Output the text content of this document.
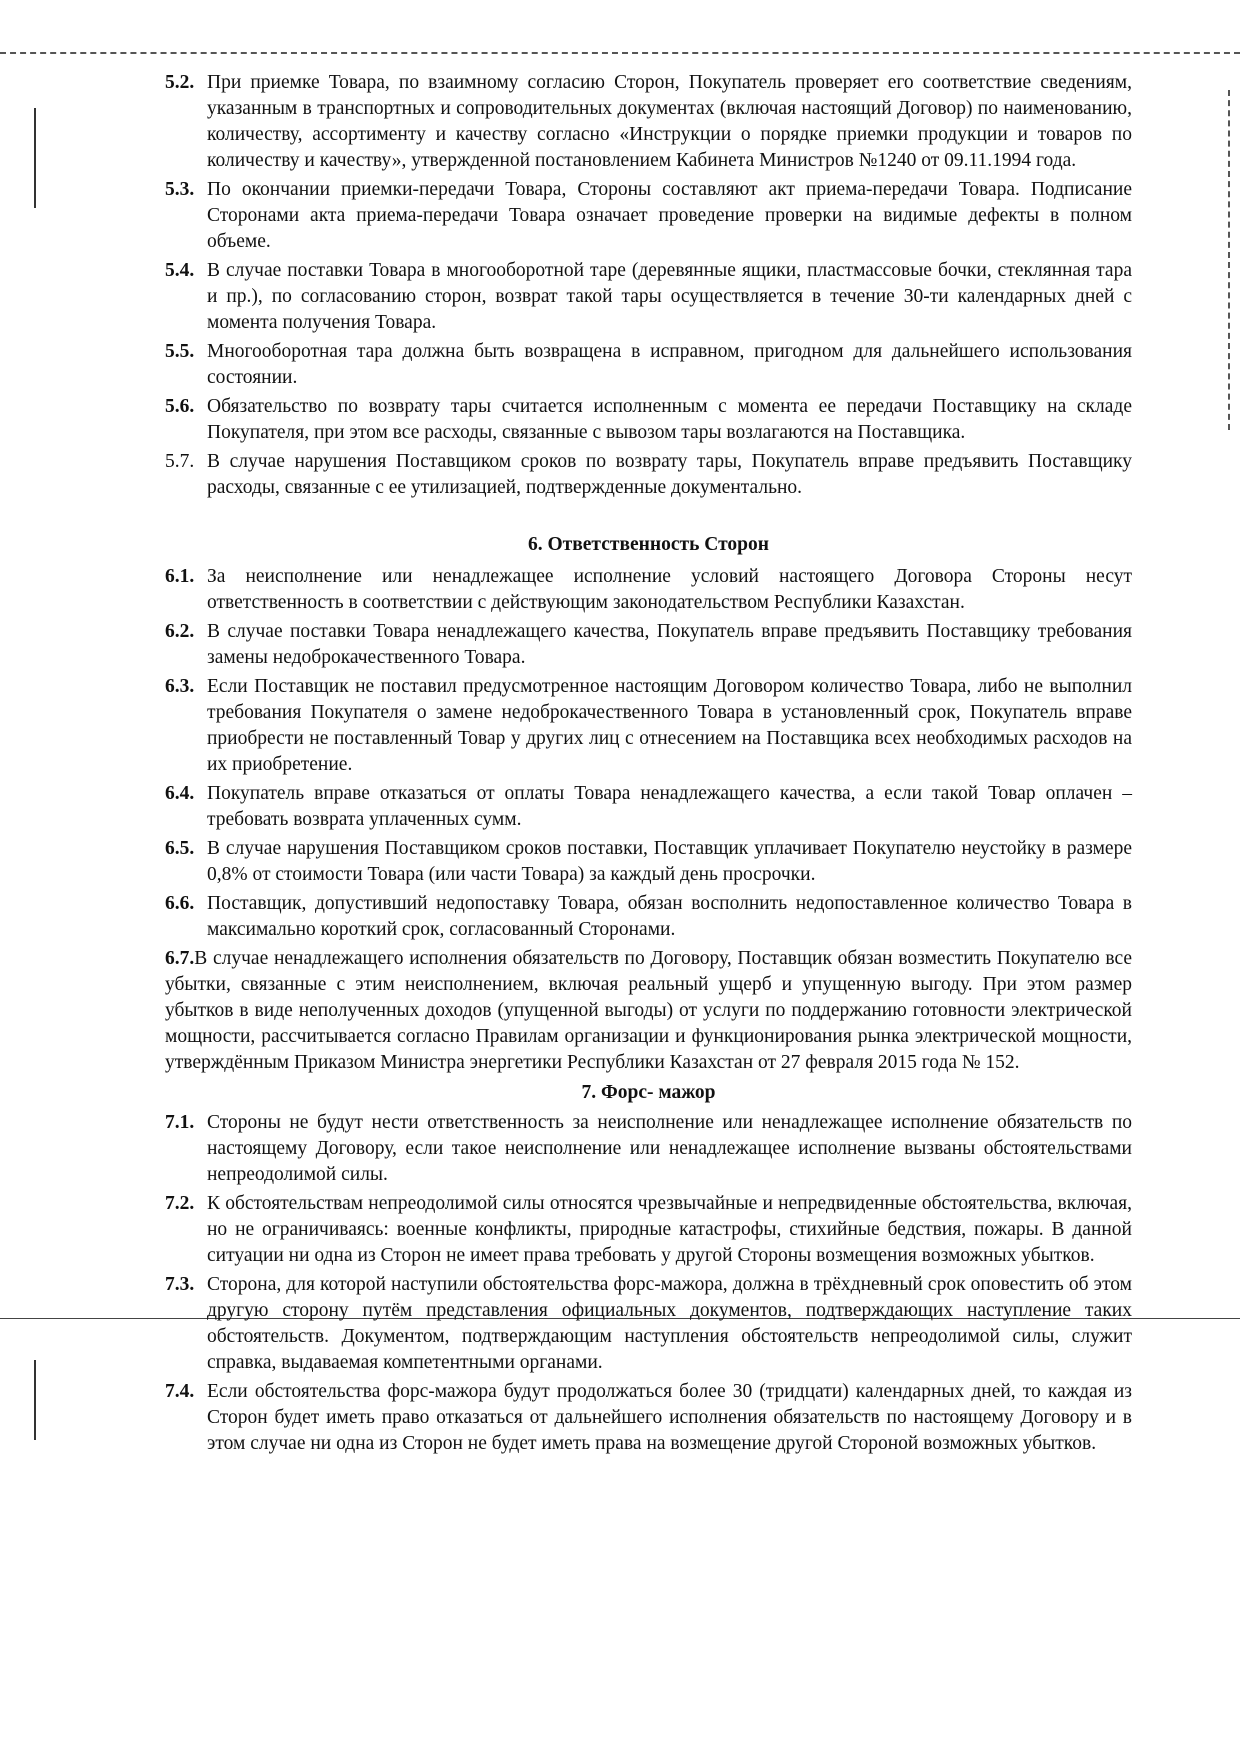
5.2. При приемке Товара, по взаимному согласию Сторон, Покупатель проверяет его соответствие сведениям, указанным в транспортных и сопроводительных документах (включая настоящий Договор) по наименованию, количеству, ассортименту и качеству согласно «Инструкции о порядке приемки продукции и товаров по количеству и качеству», утвержденной постановлением Кабинета Министров №1240 от 09.11.1994 года.
5.3. По окончании приемки-передачи Товара, Стороны составляют акт приема-передачи Товара. Подписание Сторонами акта приема-передачи Товара означает проведение проверки на видимые дефекты в полном объеме.
5.4. В случае поставки Товара в многооборотной таре (деревянные ящики, пластмассовые бочки, стеклянная тара и пр.), по согласованию сторон, возврат такой тары осуществляется в течение 30-ти календарных дней с момента получения Товара.
5.5. Многооборотная тара должна быть возвращена в исправном, пригодном для дальнейшего использования состоянии.
5.6. Обязательство по возврату тары считается исполненным с момента ее передачи Поставщику на складе Покупателя, при этом все расходы, связанные с вывозом тары возлагаются на Поставщика.
5.7. В случае нарушения Поставщиком сроков по возврату тары, Покупатель вправе предъявить Поставщику расходы, связанные с ее утилизацией, подтвержденные документально.
6. Ответственность Сторон
6.1. За неисполнение или ненадлежащее исполнение условий настоящего Договора Стороны несут ответственность в соответствии с действующим законодательством Республики Казахстан.
6.2. В случае поставки Товара ненадлежащего качества, Покупатель вправе предъявить Поставщику требования замены недоброкачественного Товара.
6.3. Если Поставщик не поставил предусмотренное настоящим Договором количество Товара, либо не выполнил требования Покупателя о замене недоброкачественного Товара в установленный срок, Покупатель вправе приобрести не поставленный Товар у других лиц с отнесением на Поставщика всех необходимых расходов на их приобретение.
6.4. Покупатель вправе отказаться от оплаты Товара ненадлежащего качества, а если такой Товар оплачен – требовать возврата уплаченных сумм.
6.5. В случае нарушения Поставщиком сроков поставки, Поставщик уплачивает Покупателю неустойку в размере 0,8% от стоимости Товара (или части Товара) за каждый день просрочки.
6.6. Поставщик, допустивший недопоставку Товара, обязан восполнить недопоставленное количество Товара в максимально короткий срок, согласованный Сторонами.
6.7.В случае ненадлежащего исполнения обязательств по Договору, Поставщик обязан возместить Покупателю все убытки, связанные с этим неисполнением, включая реальный ущерб и упущенную выгоду. При этом размер убытков в виде неполученных доходов (упущенной выгоды) от услуги по поддержанию готовности электрической мощности, рассчитывается согласно Правилам организации и функционирования рынка электрической мощности, утверждённым Приказом Министра энергетики Республики Казахстан от 27 февраля 2015 года № 152.
7. Форс- мажор
7.1. Стороны не будут нести ответственность за неисполнение или ненадлежащее исполнение обязательств по настоящему Договору, если такое неисполнение или ненадлежащее исполнение вызваны обстоятельствами непреодолимой силы.
7.2. К обстоятельствам непреодолимой силы относятся чрезвычайные и непредвиденные обстоятельства, включая, но не ограничиваясь: военные конфликты, природные катастрофы, стихийные бедствия, пожары. В данной ситуации ни одна из Сторон не имеет права требовать у другой Стороны возмещения возможных убытков.
7.3. Сторона, для которой наступили обстоятельства форс-мажора, должна в трёхдневный срок оповестить об этом другую сторону путём представления официальных документов, подтверждающих наступление таких обстоятельств. Документом, подтверждающим наступления обстоятельств непреодолимой силы, служит справка, выдаваемая компетентными органами.
7.4. Если обстоятельства форс-мажора будут продолжаться более 30 (тридцати) календарных дней, то каждая из Сторон будет иметь право отказаться от дальнейшего исполнения обязательств по настоящему Договору и в этом случае ни одна из Сторон не будет иметь права на возмещение другой Стороной возможных убытков.
